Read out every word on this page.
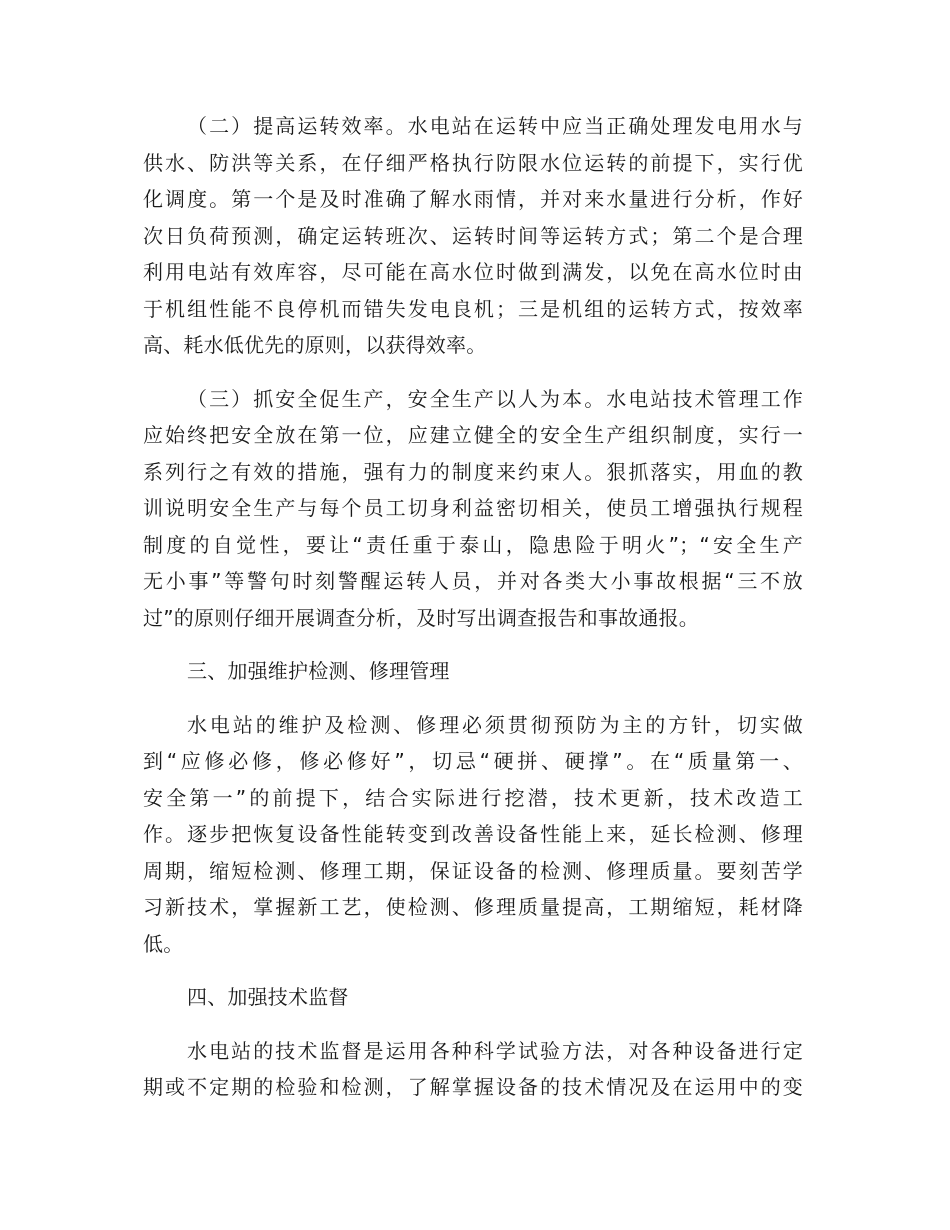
（二）提高运转效率。水电站在运转中应当正确处理发电用水与
供水、防洪等关系，在仔细严格执行防限水位运转的前提下，实行优
化调度。第一个是及时准确了解水雨情，并对来水量进行分析，作好
次日负荷预测，确定运转班次、运转时间等运转方式；第二个是合理
利用电站有效库容，尽可能在高水位时做到满发，以免在高水位时由
于机组性能不良停机而错失发电良机；三是机组的运转方式，按效率
高、耗水低优先的原则，以获得效率。
（三）抓安全促生产，安全生产以人为本。水电站技术管理工作
应始终把安全放在第一位，应建立健全的安全生产组织制度，实行一
系列行之有效的措施，强有力的制度来约束人。狠抓落实，用血的教
训说明安全生产与每个员工切身利益密切相关，使员工增强执行规程
制度的自觉性，要让“责任重于泰山，隐患险于明火”；“安全生产
无小事”等警句时刻警醒运转人员，并对各类大小事故根据“三不放
过”的原则仔细开展调查分析，及时写出调查报告和事故通报。
三、加强维护检测、修理管理
水电站的维护及检测、修理必须贯彻预防为主的方针，切实做
到“应修必修，修必修好”，切忌“硬拼、硬撑”。在“质量第一、
安全第一”的前提下，结合实际进行挖潜，技术更新，技术改造工
作。逐步把恢复设备性能转变到改善设备性能上来，延长检测、修理
周期，缩短检测、修理工期，保证设备的检测、修理质量。要刻苦学
习新技术，掌握新工艺，使检测、修理质量提高，工期缩短，耗材降
低。
四、加强技术监督
水电站的技术监督是运用各种科学试验方法，对各种设备进行定
期或不定期的检验和检测，了解掌握设备的技术情况及在运用中的变
